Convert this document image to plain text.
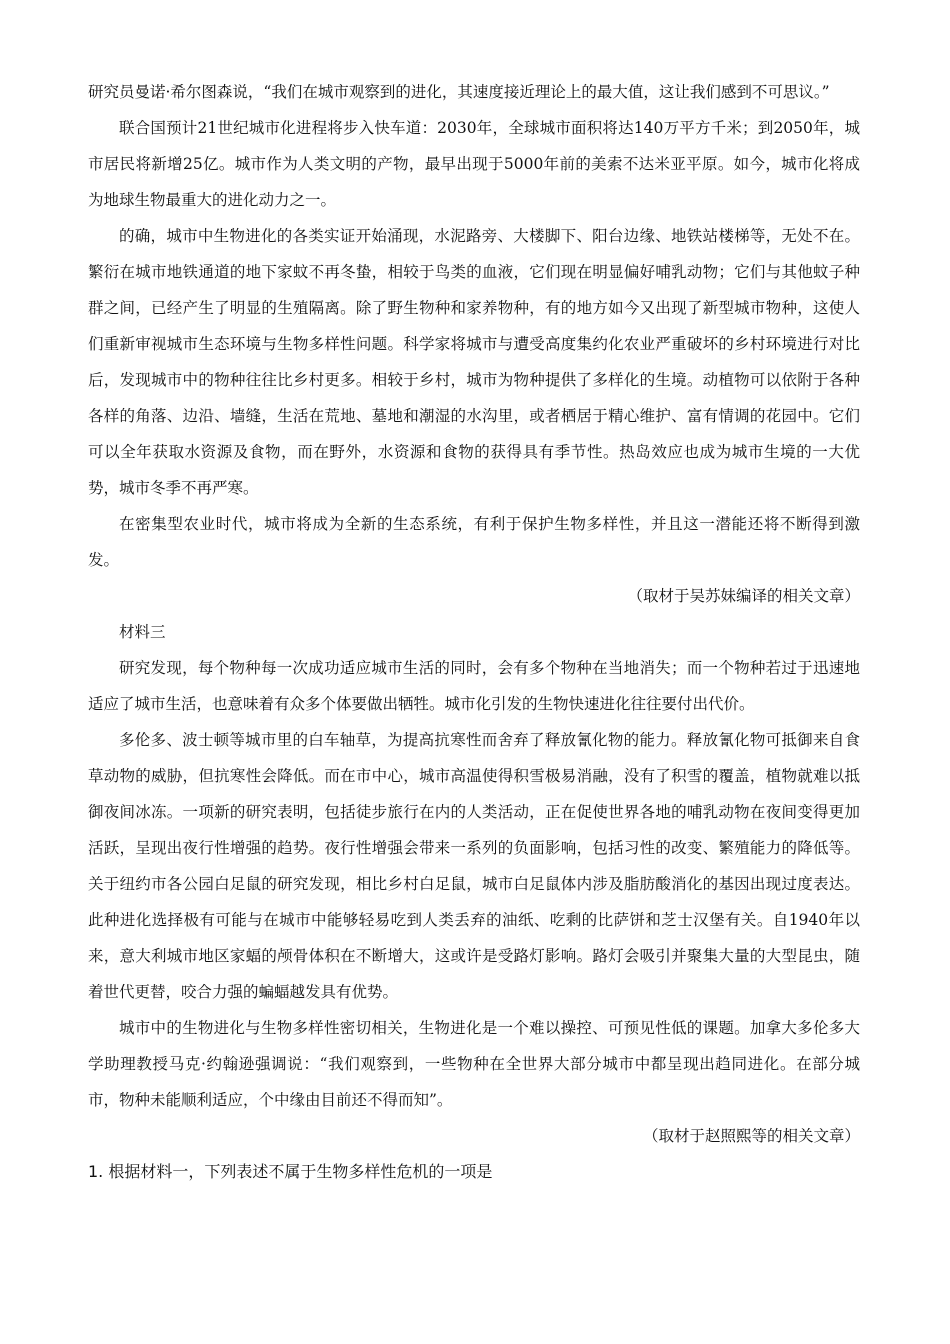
研究员曼诺·希尔图森说，“我们在城市观察到的进化，其速度接近理论上的最大值，这让我们感到不可思议。”

联合国预计21世纪城市化进程将步入快车道：2030年，全球城市面积将达140万平方千米；到2050年，城市居民将新增25亿。城市作为人类文明的产物，最早出现于5000年前的美索不达米亚平原。如今，城市化将成为地球生物最重大的进化动力之一。

的确，城市中生物进化的各类实证开始涌现，水泥路旁、大楼脚下、阳台边缘、地铁站楼梯等，无处不在。繁衍在城市地铁通道的地下家蚊不再冬蛰，相较于鸟类的血液，它们现在明显偏好哺乳动物；它们与其他蚊子种群之间，已经产生了明显的生殖隔离。除了野生物种和家养物种，有的地方如今又出现了新型城市物种，这使人们重新审视城市生态环境与生物多样性问题。科学家将城市与遭受高度集约化农业严重破坏的乡村环境进行对比后，发现城市中的物种往往比乡村更多。相较于乡村，城市为物种提供了多样化的生境。动植物可以依附于各种各样的角落、边沿、墙缝，生活在荒地、墓地和潮湿的水沟里，或者栖居于精心维护、富有情调的花园中。它们可以全年获取水资源及食物，而在野外，水资源和食物的获得具有季节性。热岛效应也成为城市生境的一大优势，城市冬季不再严寒。

在密集型农业时代，城市将成为全新的生态系统，有利于保护生物多样性，并且这一潜能还将不断得到激发。

（取材于吴苏妹编译的相关文章）

材料三

研究发现，每个物种每一次成功适应城市生活的同时，会有多个物种在当地消失；而一个物种若过于迅速地适应了城市生活，也意味着有众多个体要做出牺牲。城市化引发的生物快速进化往往要付出代价。

多伦多、波士顿等城市里的白车轴草，为提高抗寒性而舍弃了释放氰化物的能力。释放氰化物可抵御来自食草动物的威胁，但抗寒性会降低。而在市中心，城市高温使得积雪极易消融，没有了积雪的覆盖，植物就难以抵御夜间冰冻。一项新的研究表明，包括徒步旅行在内的人类活动，正在促使世界各地的哺乳动物在夜间变得更加活跃，呈现出夜行性增强的趋势。夜行性增强会带来一系列的负面影响，包括习性的改变、繁殖能力的降低等。关于纽约市各公园白足鼠的研究发现，相比乡村白足鼠，城市白足鼠体内涉及脂肪酸消化的基因出现过度表达。此种进化选择极有可能与在城市中能够轻易吃到人类丢弃的油纸、吃剩的比萨饼和芝士汉堡有关。自1940年以来，意大利城市地区家蝠的颅骨体积在不断增大，这或许是受路灯影响。路灯会吸引并聚集大量的大型昆虫，随着世代更替，咬合力强的蝙蝠越发具有优势。

城市中的生物进化与生物多样性密切相关，生物进化是一个难以操控、可预见性低的课题。加拿大多伦多大学助理教授马克·约翰逊强调说：“我们观察到，一些物种在全世界大部分城市中都呈现出趋同进化。在部分城市，物种未能顺利适应，个中缘由目前还不得而知”。

（取材于赵照熙等的相关文章）

1. 根据材料一，下列表述不属于生物多样性危机的一项是
